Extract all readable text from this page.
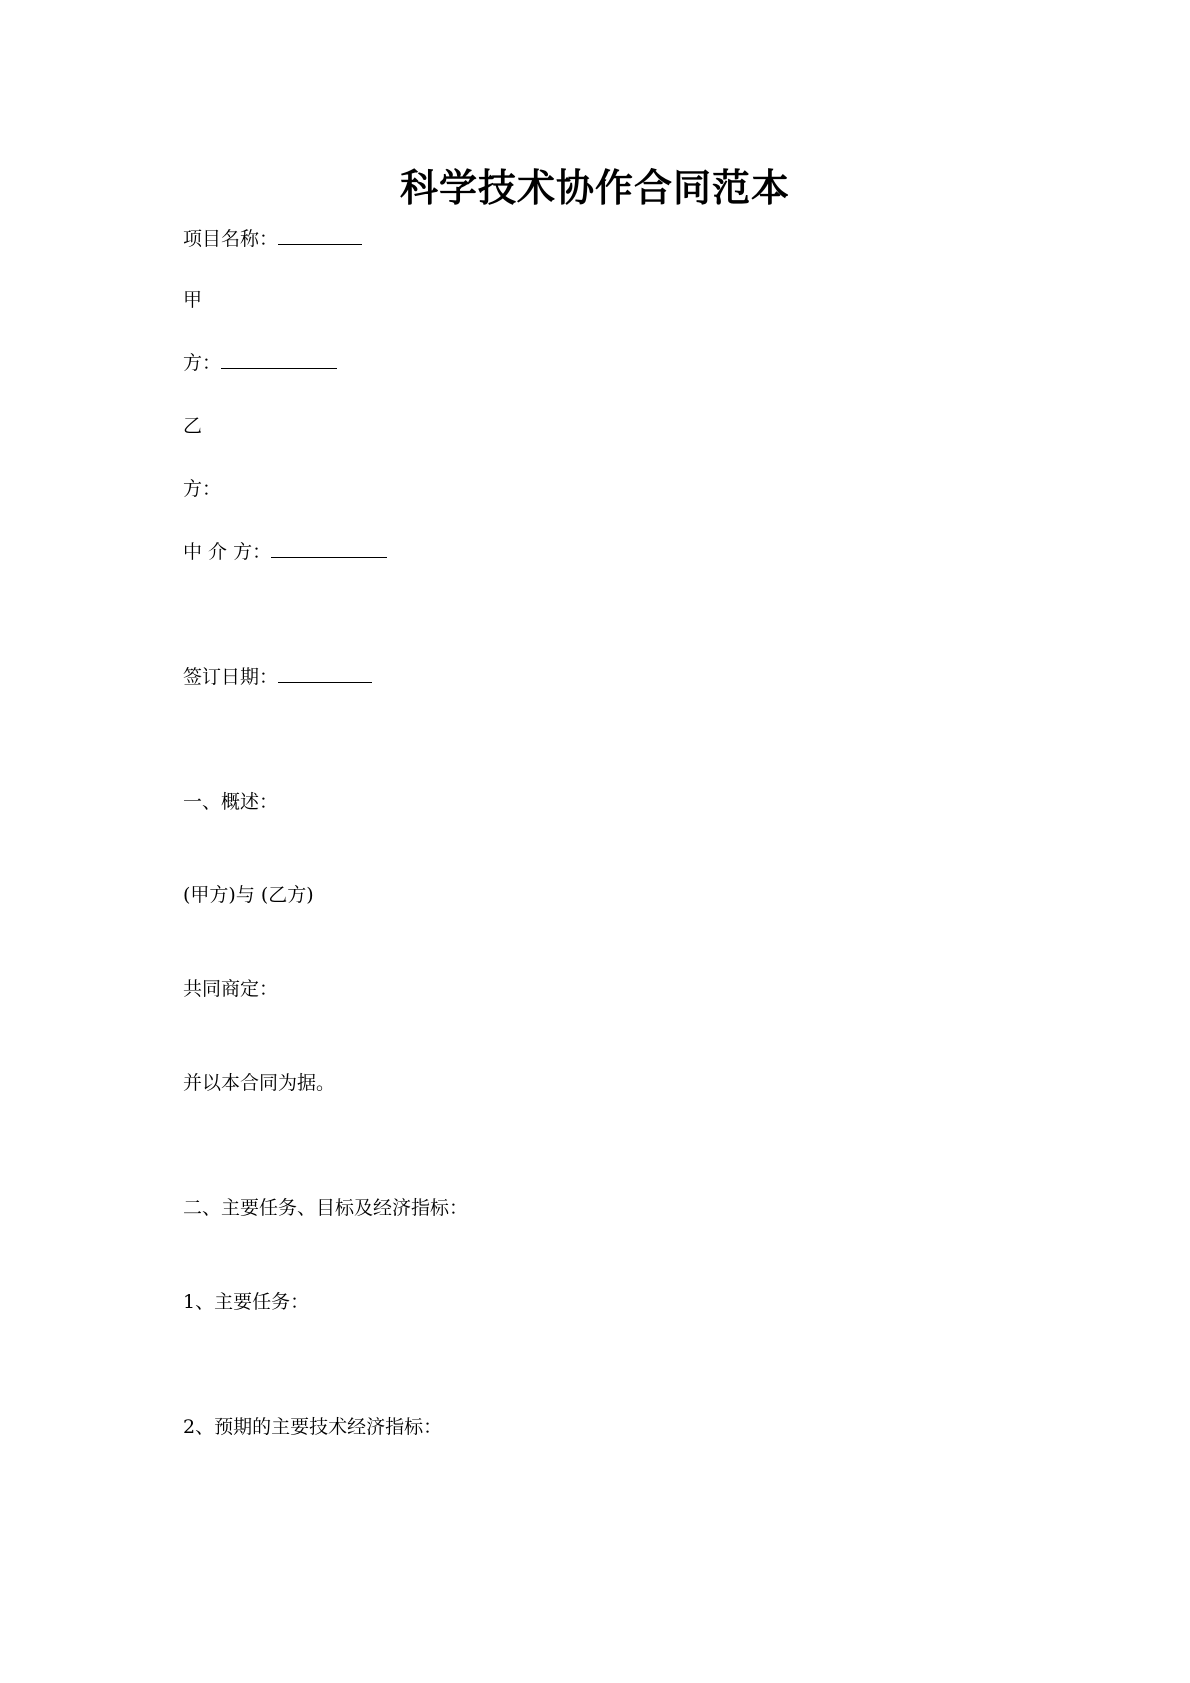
科学技术协作合同范本
项目名称：
甲
方：
乙
方：
中 介 方：
签订日期：
一、概述：
(甲方)与 (乙方)
共同商定：
并以本合同为据。
二、主要任务、目标及经济指标：
1、主要任务：
2、预期的主要技术经济指标：
